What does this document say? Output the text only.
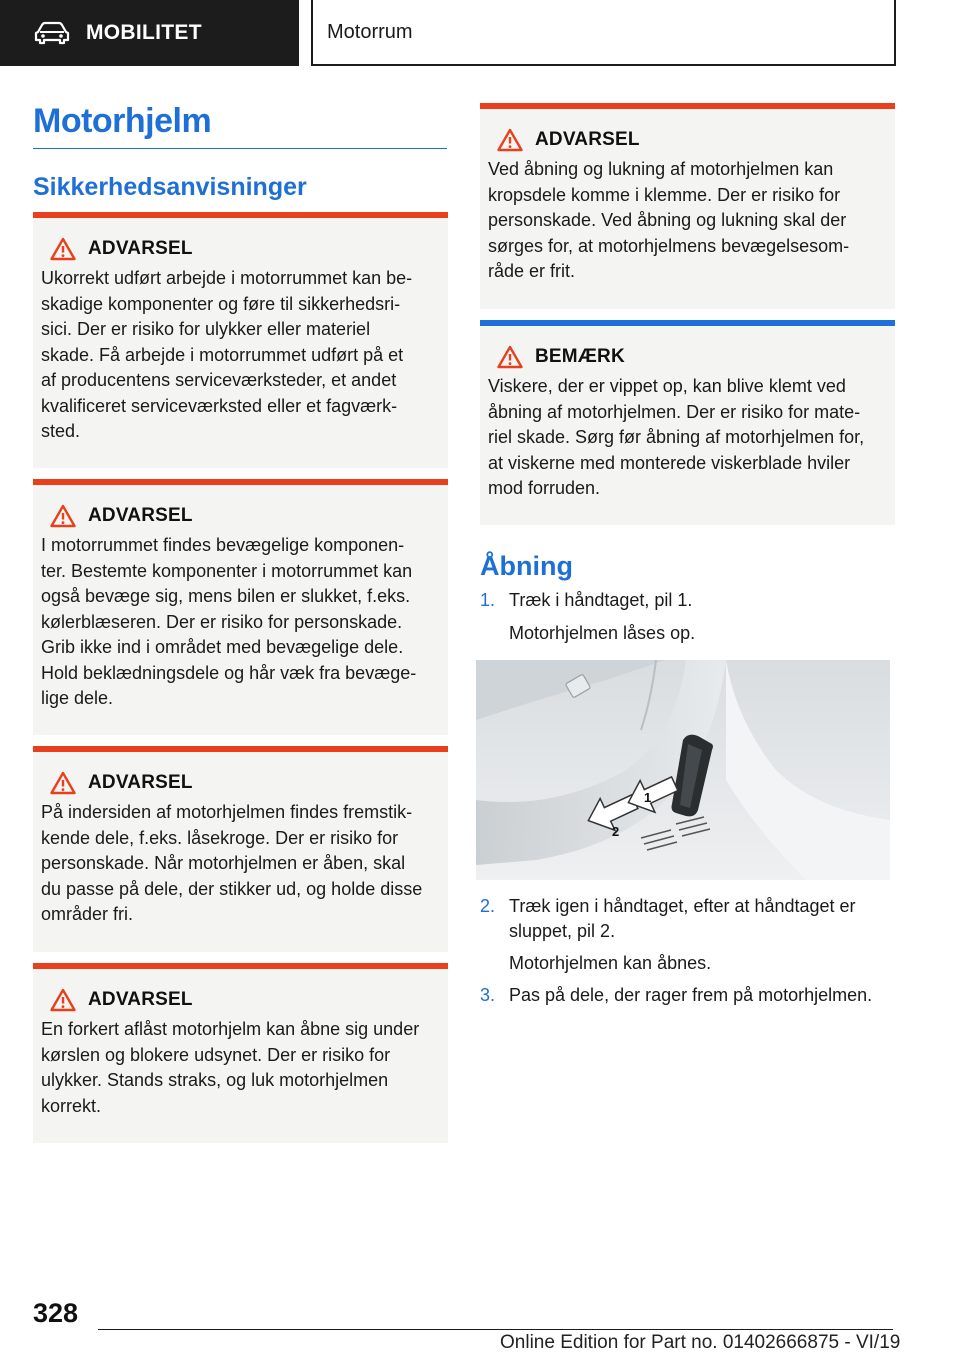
MOBILITET	Motorrum
Motorhjelm
Sikkerhedsanvisninger
ADVARSEL
Ukorrekt udført arbejde i motorrummet kan be-
skadige komponenter og føre til sikkerhedsri-
sici. Der er risiko for ulykker eller materiel
skade. Få arbejde i motorrummet udført på et
af producentens serviceværksteder, et andet
kvalificeret serviceværksted eller et fagværk-
sted.
ADVARSEL
I motorrummet findes bevægelige komponen-
ter. Bestemte komponenter i motorrummet kan
også bevæge sig, mens bilen er slukket, f.eks.
kølerblæseren. Der er risiko for personskade.
Grib ikke ind i området med bevægelige dele.
Hold beklædningsdele og hår væk fra bevæge-
lige dele.
ADVARSEL
På indersiden af motorhjelmen findes fremstik-
kende dele, f.eks. låsekroge. Der er risiko for
personskade. Når motorhjelmen er åben, skal
du passe på dele, der stikker ud, og holde disse
områder fri.
ADVARSEL
En forkert aflåst motorhjelm kan åbne sig under
kørslen og blokere udsynet. Der er risiko for
ulykker. Stands straks, og luk motorhjelmen
korrekt.
ADVARSEL
Ved åbning og lukning af motorhjelmen kan
kropsdele komme i klemme. Der er risiko for
personskade. Ved åbning og lukning skal der
sørges for, at motorhjelmens bevægelsesom-
råde er frit.
BEMÆRK
Viskere, der er vippet op, kan blive klemt ved
åbning af motorhjelmen. Der er risiko for mate-
riel skade. Sørg før åbning af motorhjelmen for,
at viskerne med monterede viskerblade hviler
mod forruden.
Åbning
1. Træk i håndtaget, pil 1.
Motorhjelmen låses op.
1
2
2. Træk igen i håndtaget, efter at håndtaget er
sluppet, pil 2.
Motorhjelmen kan åbnes.
3. Pas på dele, der rager frem på motorhjelmen.
328
Online Edition for Part no. 01402666875 - VI/19
